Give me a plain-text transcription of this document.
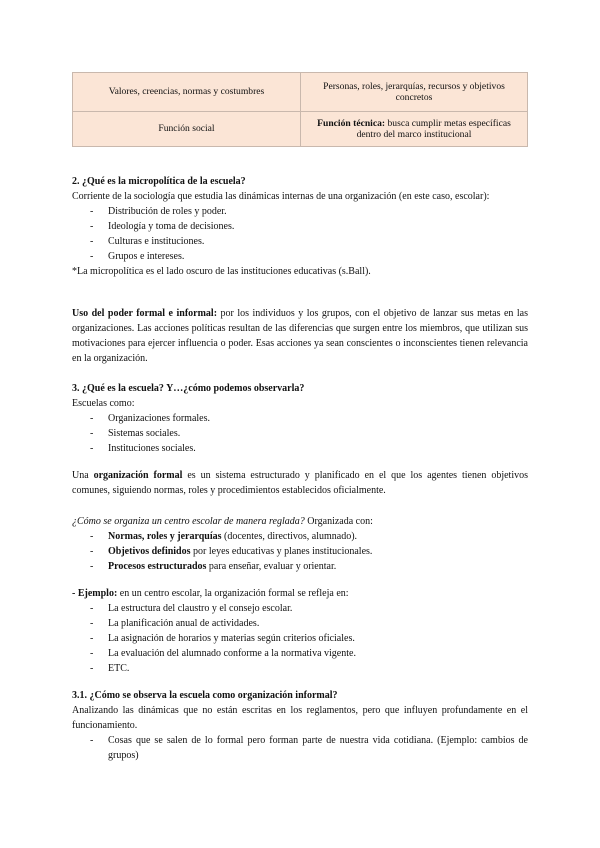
Valores, creencias, normas y costumbres	Personas, roles, jerarquías, recursos y objetivos concretos
Función social	Función técnica: busca cumplir metas específicas dentro del marco institucional
2. ¿Qué es la micropolítica de la escuela?
Corriente de la sociología que estudia las dinámicas internas de una organización (en este caso, escolar):
- Distribución de roles y poder.
- Ideología y toma de decisiones.
- Culturas e instituciones.
- Grupos e intereses.
*La micropolítica es el lado oscuro de las instituciones educativas (s.Ball).
Uso del poder formal e informal: por los individuos y los grupos, con el objetivo de lanzar sus metas en las organizaciones. Las acciones políticas resultan de las diferencias que surgen entre los miembros, que utilizan sus motivaciones para ejercer influencia o poder. Esas acciones ya sean conscientes o inconscientes tienen relevancia en la organización.
3. ¿Qué es la escuela? Y…¿cómo podemos observarla?
Escuelas como:
- Organizaciones formales.
- Sistemas sociales.
- Instituciones sociales.
Una organización formal es un sistema estructurado y planificado en el que los agentes tienen objetivos comunes, siguiendo normas, roles y procedimientos establecidos oficialmente.
¿Cómo se organiza un centro escolar de manera reglada? Organizada con:
- Normas, roles y jerarquías (docentes, directivos, alumnado).
- Objetivos definidos por leyes educativas y planes institucionales.
- Procesos estructurados para enseñar, evaluar y orientar.
- Ejemplo: en un centro escolar, la organización formal se refleja en:
- La estructura del claustro y el consejo escolar.
- La planificación anual de actividades.
- La asignación de horarios y materias según criterios oficiales.
- La evaluación del alumnado conforme a la normativa vigente.
- ETC.
3.1. ¿Cómo se observa la escuela como organización informal?
Analizando las dinámicas que no están escritas en los reglamentos, pero que influyen profundamente en el funcionamiento.
- Cosas que se salen de lo formal pero forman parte de nuestra vida cotidiana. (Ejemplo: cambios de grupos)
